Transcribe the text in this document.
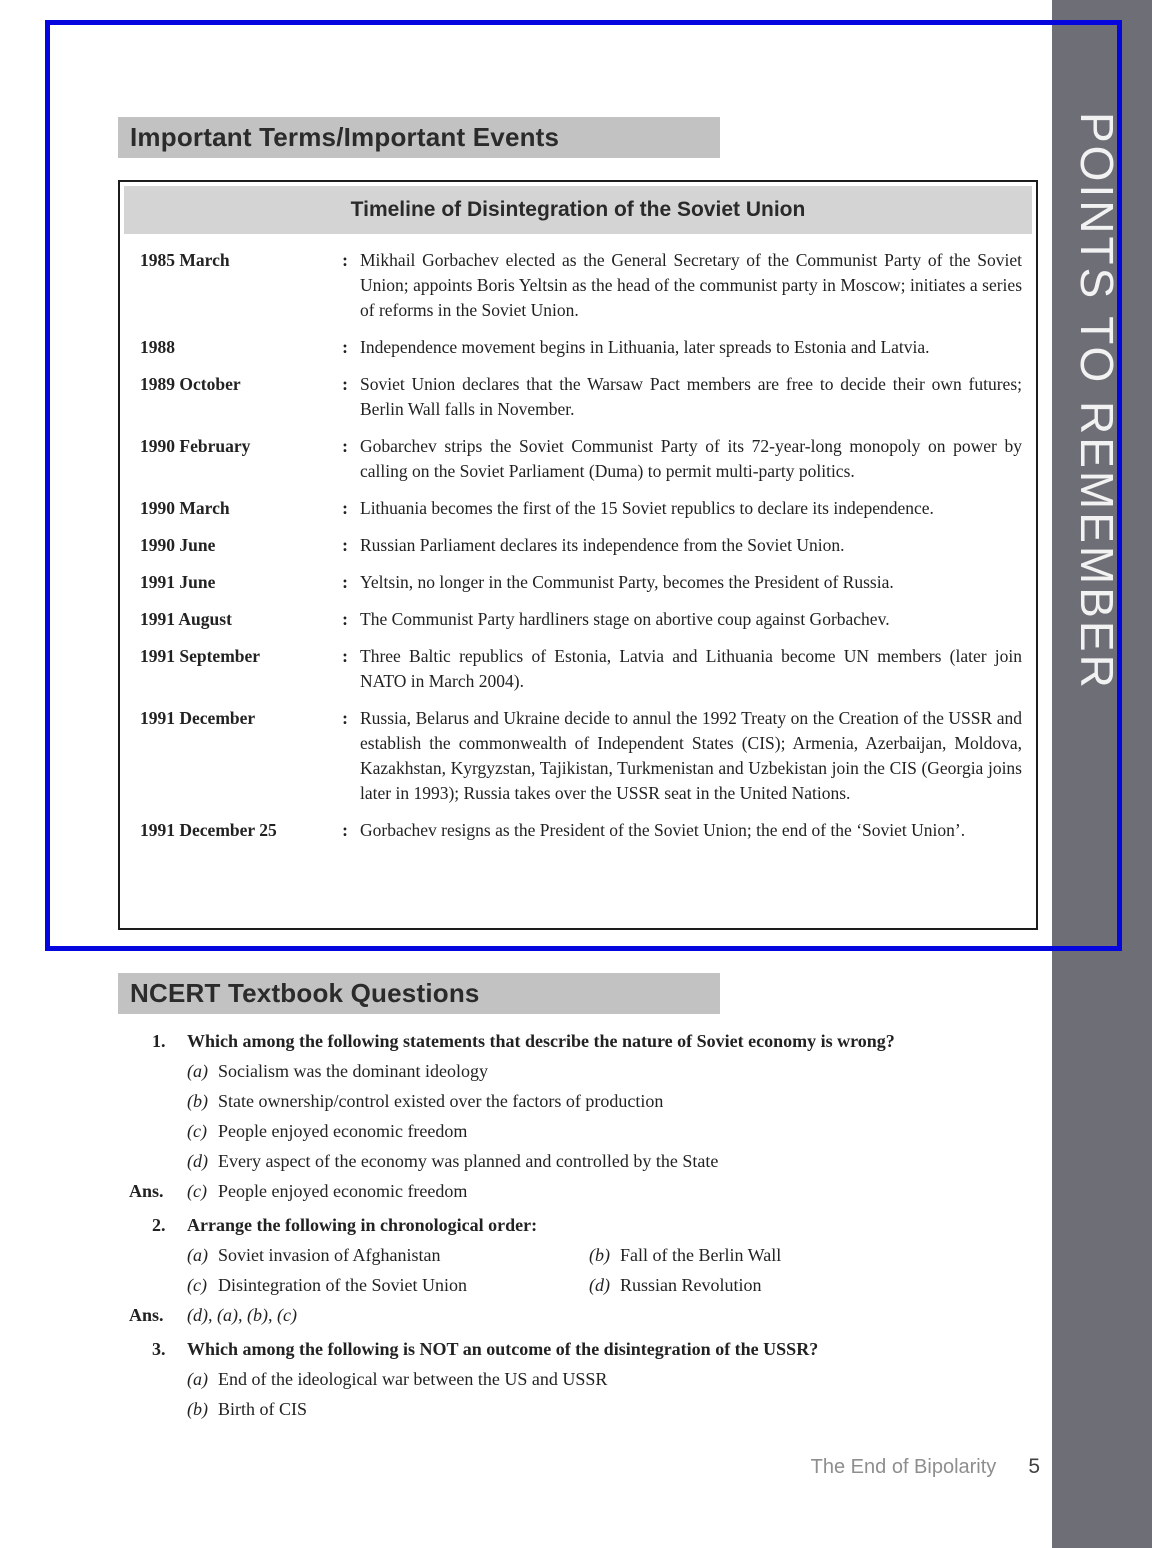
POINTS TO REMEMBER
Important Terms/Important Events
Timeline of Disintegration of the Soviet Union
1985 March	: Mikhail Gorbachev elected as the General Secretary of the Communist Party of the Soviet Union; appoints Boris Yeltsin as the head of the communist party in Moscow; initiates a series of reforms in the Soviet Union.
1988	: Independence movement begins in Lithuania, later spreads to Estonia and Latvia.
1989 October	: Soviet Union declares that the Warsaw Pact members are free to decide their own futures; Berlin Wall falls in November.
1990 February	: Gobarchev strips the Soviet Communist Party of its 72-year-long monopoly on power by calling on the Soviet Parliament (Duma) to permit multi-party politics.
1990 March	: Lithuania becomes the first of the 15 Soviet republics to declare its independence.
1990 June	: Russian Parliament declares its independence from the Soviet Union.
1991 June	: Yeltsin, no longer in the Communist Party, becomes the President of Russia.
1991 August	: The Communist Party hardliners stage on abortive coup against Gorbachev.
1991 September	: Three Baltic republics of Estonia, Latvia and Lithuania become UN members (later join NATO in March 2004).
1991 December	: Russia, Belarus and Ukraine decide to annul the 1992 Treaty on the Creation of the USSR and establish the commonwealth of Independent States (CIS); Armenia, Azerbaijan, Moldova, Kazakhstan, Kyrgyzstan, Tajikistan, Turkmenistan and Uzbekistan join the CIS (Georgia joins later in 1993); Russia takes over the USSR seat in the United Nations.
1991 December 25	: Gorbachev resigns as the President of the Soviet Union; the end of the ‘Soviet Union’.
NCERT Textbook Questions
1.	Which among the following statements that describe the nature of Soviet economy is wrong?
(a) Socialism was the dominant ideology
(b) State ownership/control existed over the factors of production
(c) People enjoyed economic freedom
(d) Every aspect of the economy was planned and controlled by the State
Ans.	(c) People enjoyed economic freedom
2.	Arrange the following in chronological order:
(a) Soviet invasion of Afghanistan	(b) Fall of the Berlin Wall
(c) Disintegration of the Soviet Union	(d) Russian Revolution
Ans.	(d), (a), (b), (c)
3.	Which among the following is NOT an outcome of the disintegration of the USSR?
(a) End of the ideological war between the US and USSR
(b) Birth of CIS
The End of Bipolarity 5
